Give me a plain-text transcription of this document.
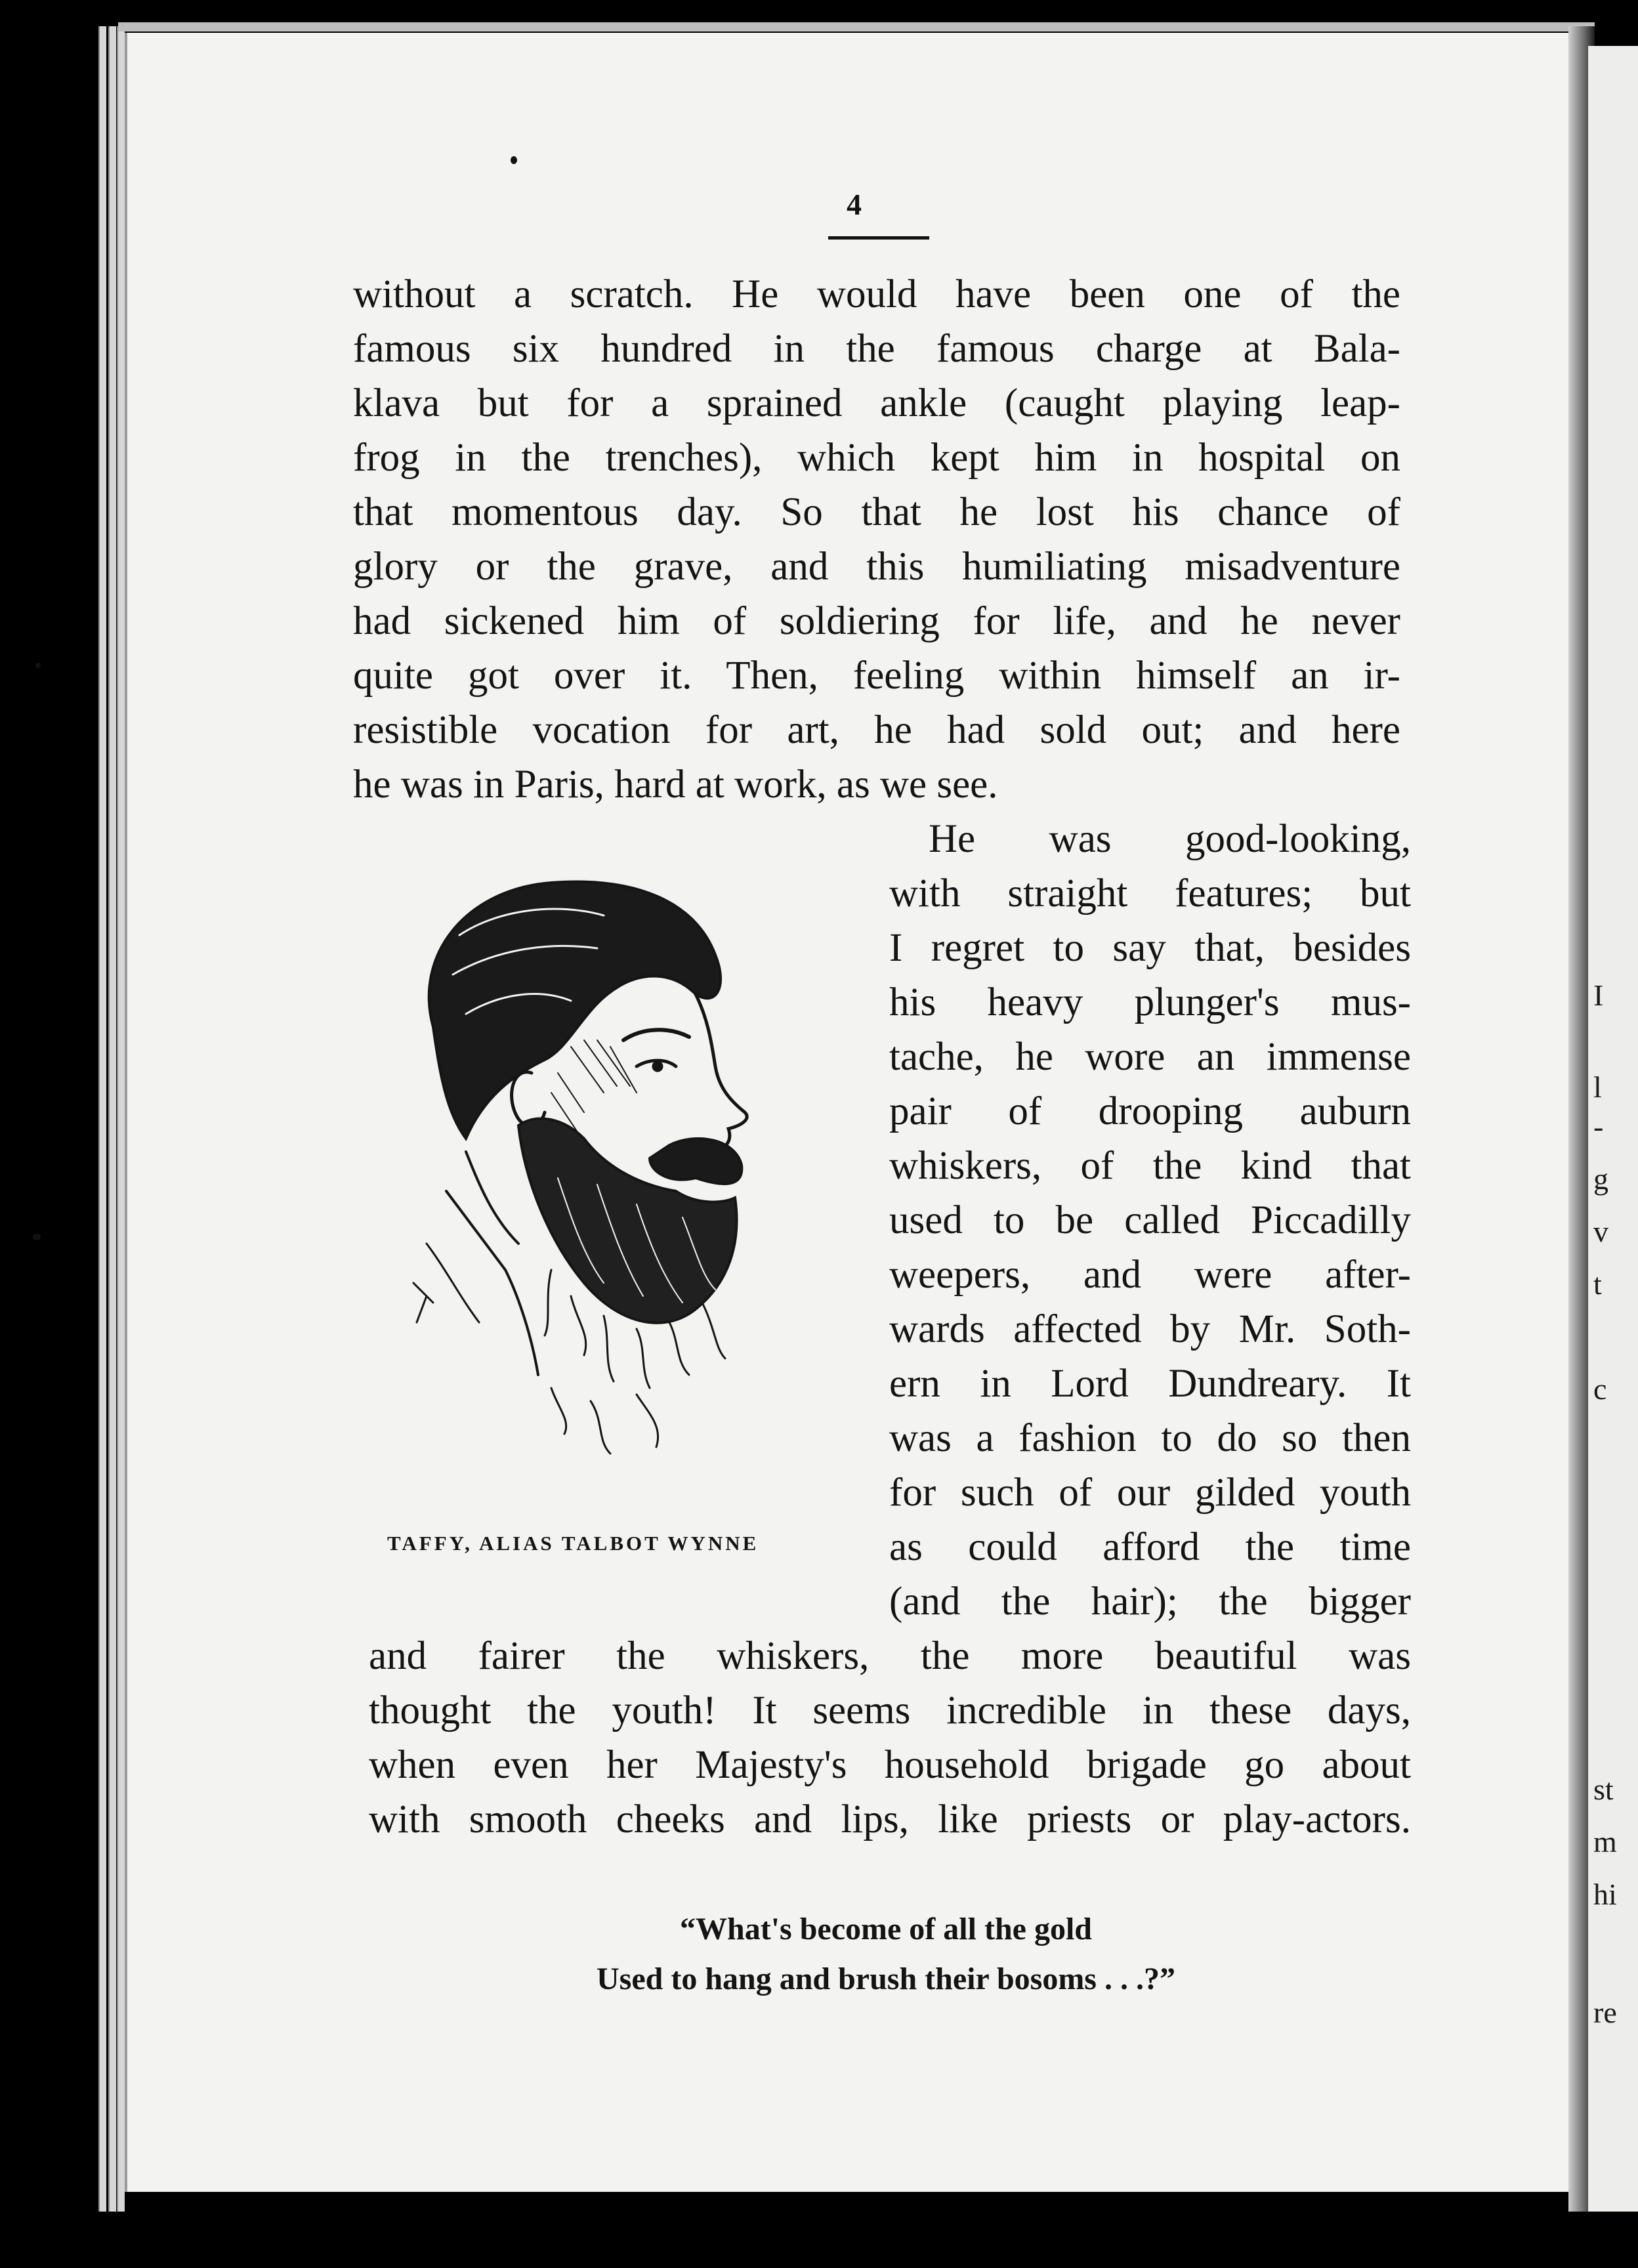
I
l
-
g
v
t
c
st
m
hi
re
4

without a scratch. He would have been one of the

famous six hundred in the famous charge at Bala-

klava but for a sprained ankle (caught playing leap-

frog in the trenches), which kept him in hospital on

that momentous day. So that he lost his chance of

glory or the grave, and this humiliating misadventure

had sickened him of soldiering for life, and he never

quite got over it. Then, feeling within himself an ir-

resistible vocation for art, he had sold out; and here

he was in Paris, hard at work, as we see.

He was good-looking,

with straight features; but

I regret to say that, besides

his heavy plunger's mus-

tache, he wore an immense

pair of drooping auburn

whiskers, of the kind that

used to be called Piccadilly

weepers, and were after-

wards affected by Mr. Soth-

ern in Lord Dundreary. It

was a fashion to do so then

for such of our gilded youth

as could afford the time

(and the hair); the bigger

and fairer the whiskers, the more beautiful was

thought the youth! It seems incredible in these days,

when even her Majesty's household brigade go about

with smooth cheeks and lips, like priests or play-actors.

TAFFY, ALIAS TALBOT WYNNE
“What's become of all the gold
Used to hang and brush their bosoms . . .?”
